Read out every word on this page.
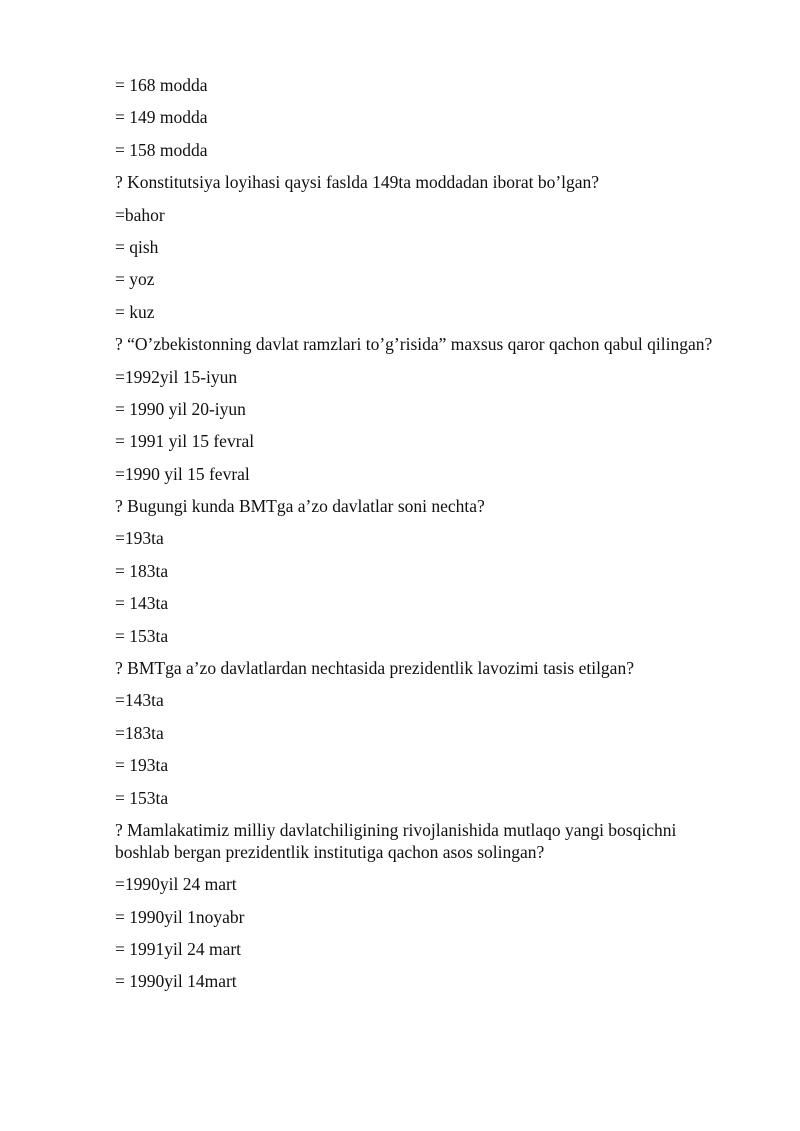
= 168 modda

= 149 modda

= 158 modda

? Konstitutsiya loyihasi qaysi faslda 149ta moddadan iborat bo’lgan?

=bahor

= qish

= yoz

= kuz

? “O’zbekistonning davlat ramzlari to’g’risida” maxsus qaror qachon qabul qilingan?

=1992yil 15-iyun

= 1990 yil 20-iyun

= 1991 yil 15 fevral

=1990 yil 15 fevral

? Bugungi kunda BMTga a’zo davlatlar soni nechta?

=193ta

= 183ta

= 143ta

= 153ta

? BMTga a’zo davlatlardan nechtasida prezidentlik lavozimi tasis etilgan?

=143ta

=183ta

= 193ta

= 153ta

? Mamlakatimiz milliy davlatchiligining rivojlanishida mutlaqo yangi bosqichni boshlab bergan prezidentlik institutiga qachon asos solingan?

=1990yil 24 mart

= 1990yil 1noyabr

= 1991yil 24 mart

= 1990yil 14mart
